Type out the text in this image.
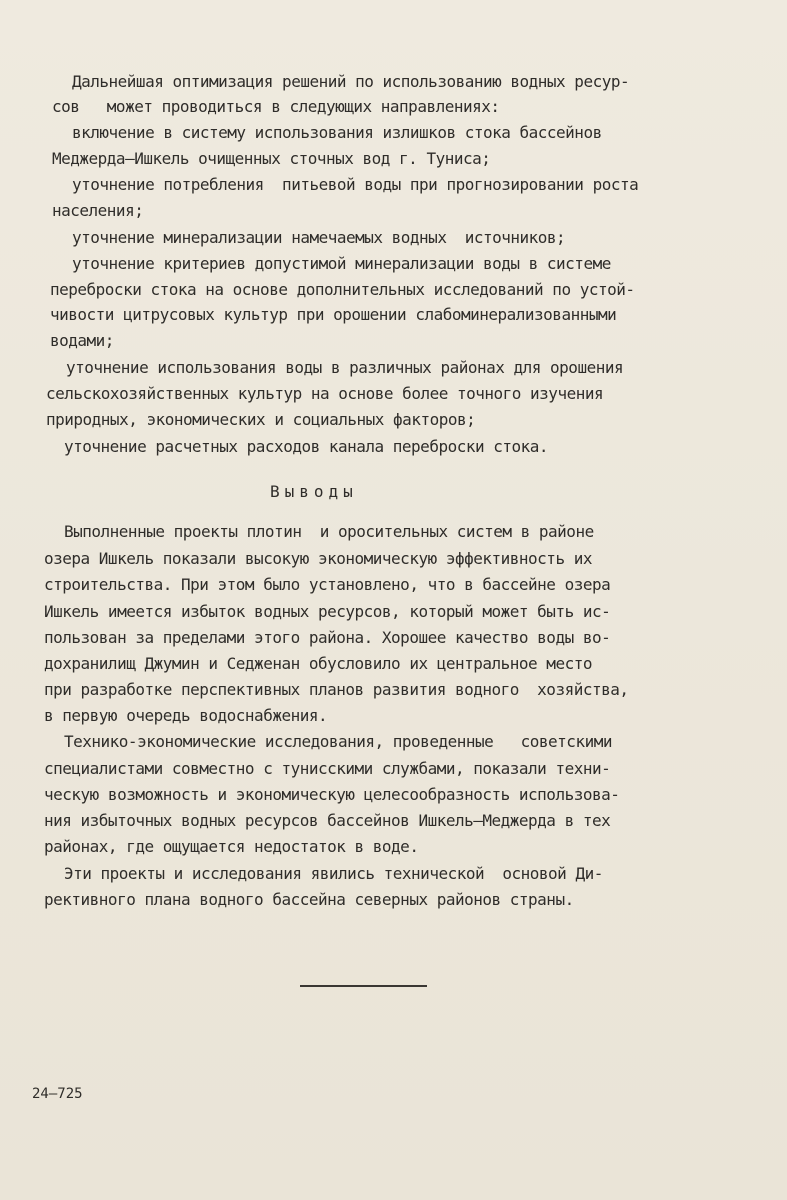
Дальнейшая оптимизация решений по использованию водных ресур-
сов   может проводиться в следующих направлениях:
включение в систему использования излишков стока бассейнов
Меджерда–Ишкель очищенных сточных вод г. Туниса;
уточнение потребления  питьевой воды при прогнозировании роста
населения;
уточнение минерализации намечаемых водных  источников;
уточнение критериев допустимой минерализации воды в системе
переброски стока на основе дополнительных исследований по устой-
чивости цитрусовых культур при орошении слабоминерализованными
водами;
уточнение использования воды в различных районах для орошения
сельскохозяйственных культур на основе более точного изучения
природных, экономических и социальных факторов;
уточнение расчетных расходов канала переброски стока.
Выводы
Выполненные проекты плотин  и оросительных систем в районе
озера Ишкель показали высокую экономическую эффективность их
строительства. При этом было установлено, что в бассейне озера
Ишкель имеется избыток водных ресурсов, который может быть ис-
пользован за пределами этого района. Хорошее качество воды во-
дохранилищ Джумин и Седженан обусловило их центральное место
при разработке перспективных планов развития водного  хозяйства,
в первую очередь водоснабжения.
Технико-экономические исследования, проведенные   советскими
специалистами совместно с тунисскими службами, показали техни-
ческую возможность и экономическую целесообразность использова-
ния избыточных водных ресурсов бассейнов Ишкель–Меджерда в тех
районах, где ощущается недостаток в воде.
Эти проекты и исследования явились технической  основой Ди-
рективного плана водного бассейна северных районов страны.
24–725
